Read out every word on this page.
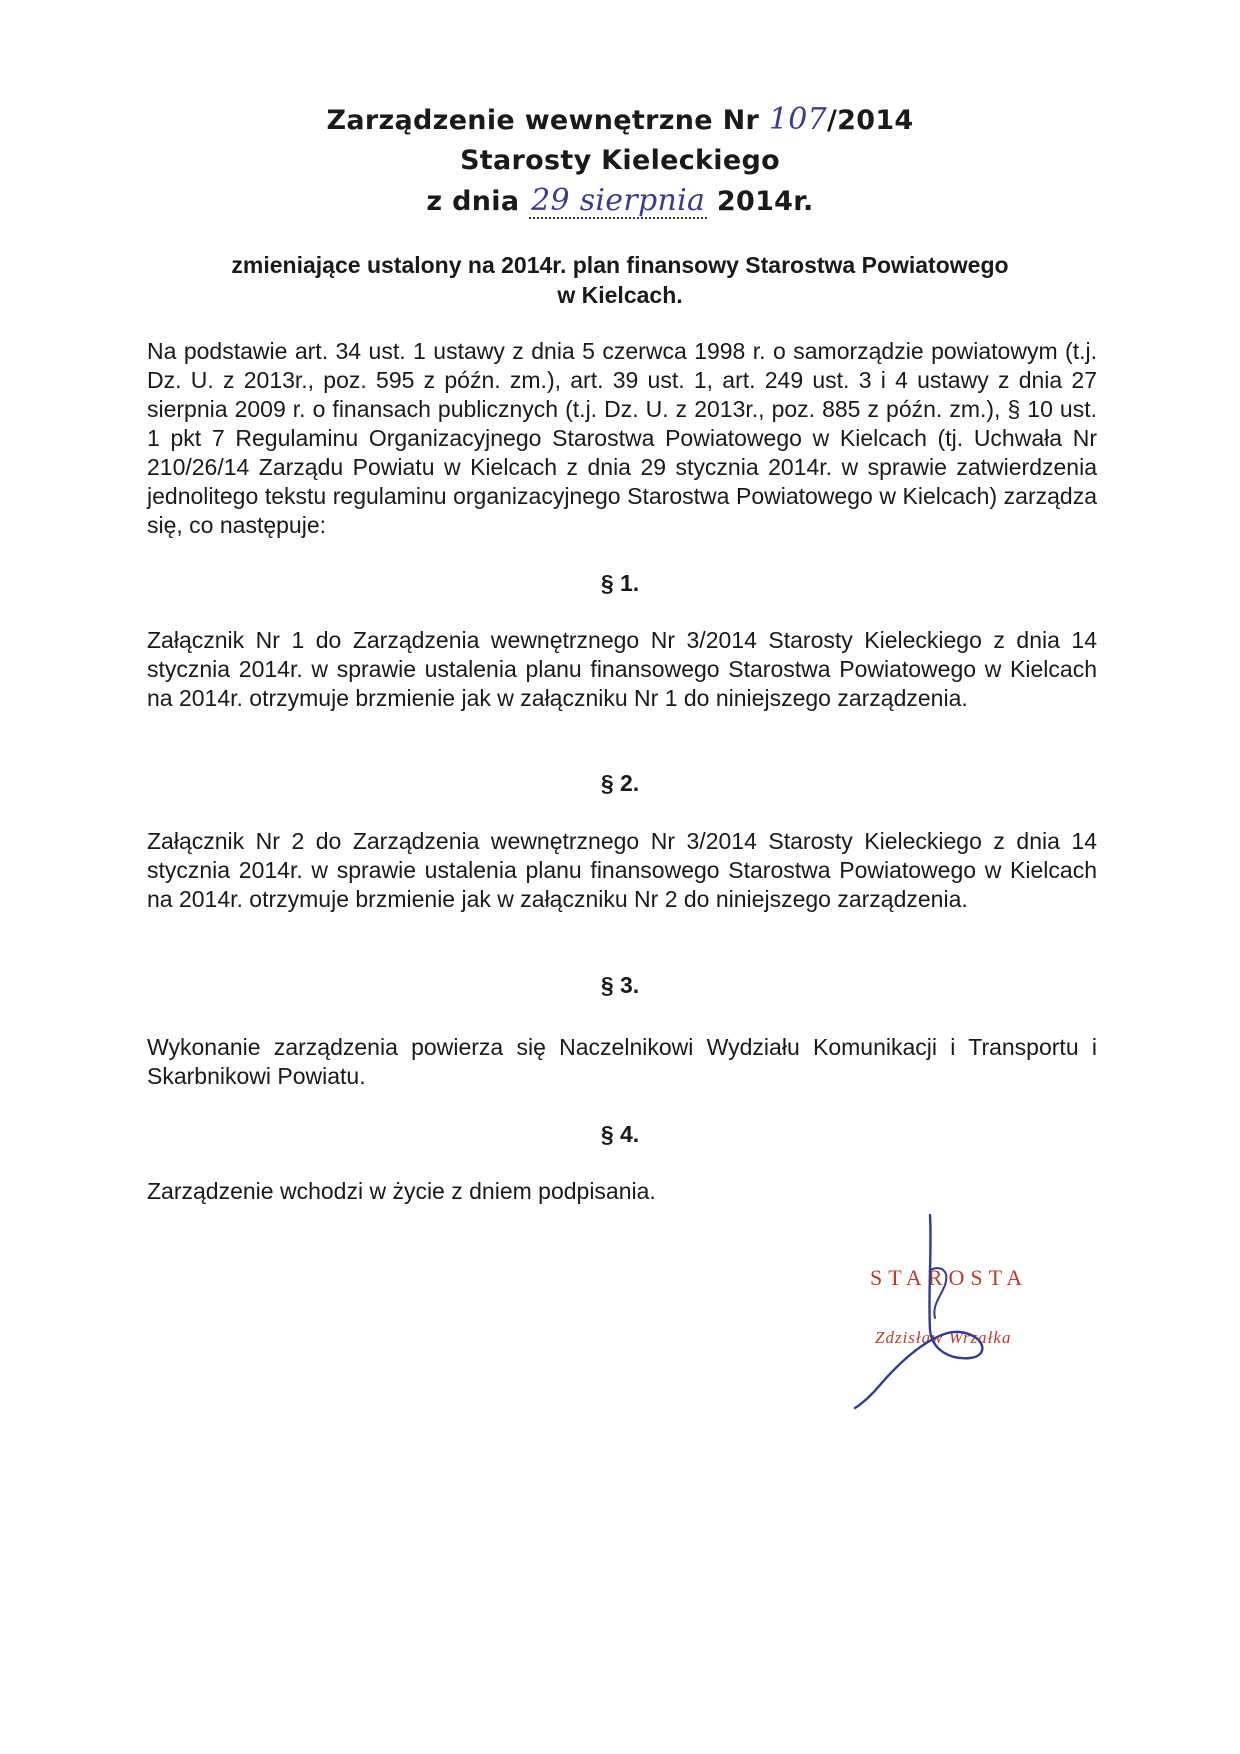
Zarządzenie wewnętrzne Nr 107/2014
Starosty Kieleckiego
z dnia 29 sierpnia 2014r.
zmieniające ustalony na 2014r. plan finansowy Starostwa Powiatowego
w Kielcach.
Na podstawie art. 34 ust. 1 ustawy z dnia 5 czerwca 1998 r. o samorządzie powiatowym (t.j. Dz. U. z 2013r., poz. 595 z późn. zm.), art. 39 ust. 1, art. 249 ust. 3 i 4 ustawy z dnia 27 sierpnia 2009 r. o finansach publicznych (t.j. Dz. U. z 2013r., poz. 885 z późn. zm.), § 10 ust. 1 pkt 7 Regulaminu Organizacyjnego Starostwa Powiatowego w Kielcach (tj. Uchwała Nr 210/26/14 Zarządu Powiatu w Kielcach z dnia 29 stycznia 2014r. w sprawie zatwierdzenia jednolitego tekstu regulaminu organizacyjnego Starostwa Powiatowego w Kielcach) zarządza się, co następuje:
§ 1.
Załącznik Nr 1 do Zarządzenia wewnętrznego Nr 3/2014 Starosty Kieleckiego z dnia 14 stycznia 2014r. w sprawie ustalenia planu finansowego Starostwa Powiatowego w Kielcach na 2014r. otrzymuje brzmienie jak w załączniku Nr 1 do niniejszego zarządzenia.
§ 2.
Załącznik Nr 2 do Zarządzenia wewnętrznego Nr 3/2014 Starosty Kieleckiego z dnia 14 stycznia 2014r. w sprawie ustalenia planu finansowego Starostwa Powiatowego w Kielcach na 2014r. otrzymuje brzmienie jak w załączniku Nr 2 do niniejszego zarządzenia.
§ 3.
Wykonanie zarządzenia powierza się Naczelnikowi Wydziału Komunikacji i Transportu i Skarbnikowi Powiatu.
§ 4.
Zarządzenie wchodzi w życie z dniem podpisania.
STAROSTA
Zdzisław Wrzałka
